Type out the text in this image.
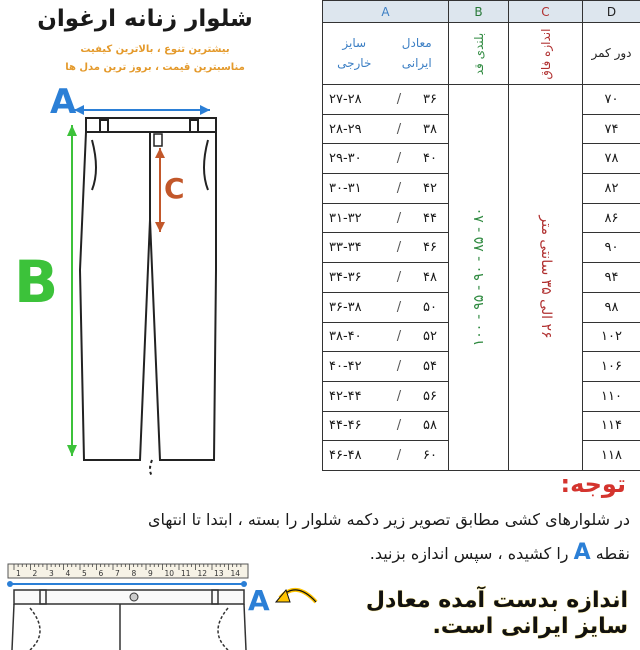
شلوار زنانه ارغوان
بیشترین تنوع ، بالاترین کیفیت
مناسبترین قیمت ، بروز ترین مدل ها
A
B
C
A	B	C	D

معادل ایرانی
سایز خارجی	بلندی قد	اندازه فاق	دور کمر

۲۷-۲۸ / ۳۶	۸۰ - ۸۵ - ۹۰ - ۹۵ - ۱۰۰	۲۶ الی ۳۵ سانتی متر	۷۰
۲۸-۲۹ / ۳۸			۷۴
۲۹-۳۰ / ۴۰			۷۸
۳۰-۳۱ / ۴۲			۸۲
۳۱-۳۲ / ۴۴			۸۶
۳۳-۳۴ / ۴۶			۹۰
۳۴-۳۶ / ۴۸			۹۴
۳۶-۳۸ / ۵۰			۹۸
۳۸-۴۰ / ۵۲			۱۰۲
۴۰-۴۲ / ۵۴			۱۰۶
۴۲-۴۴ / ۵۶			۱۱۰
۴۴-۴۶ / ۵۸			۱۱۴
۴۶-۴۸ / ۶۰			۱۱۸
توجه:
در شلوارهای کشی مطابق تصویر زیر دکمه شلوار را بسته ، ابتدا تا انتهای
نقطه A را کشیده ، سپس اندازه بزنید.
1 2 3 4 5 6 7 8 9 10 11 12 13 14
A	اندازه بدست آمده معادل
سایز ایرانی است.
